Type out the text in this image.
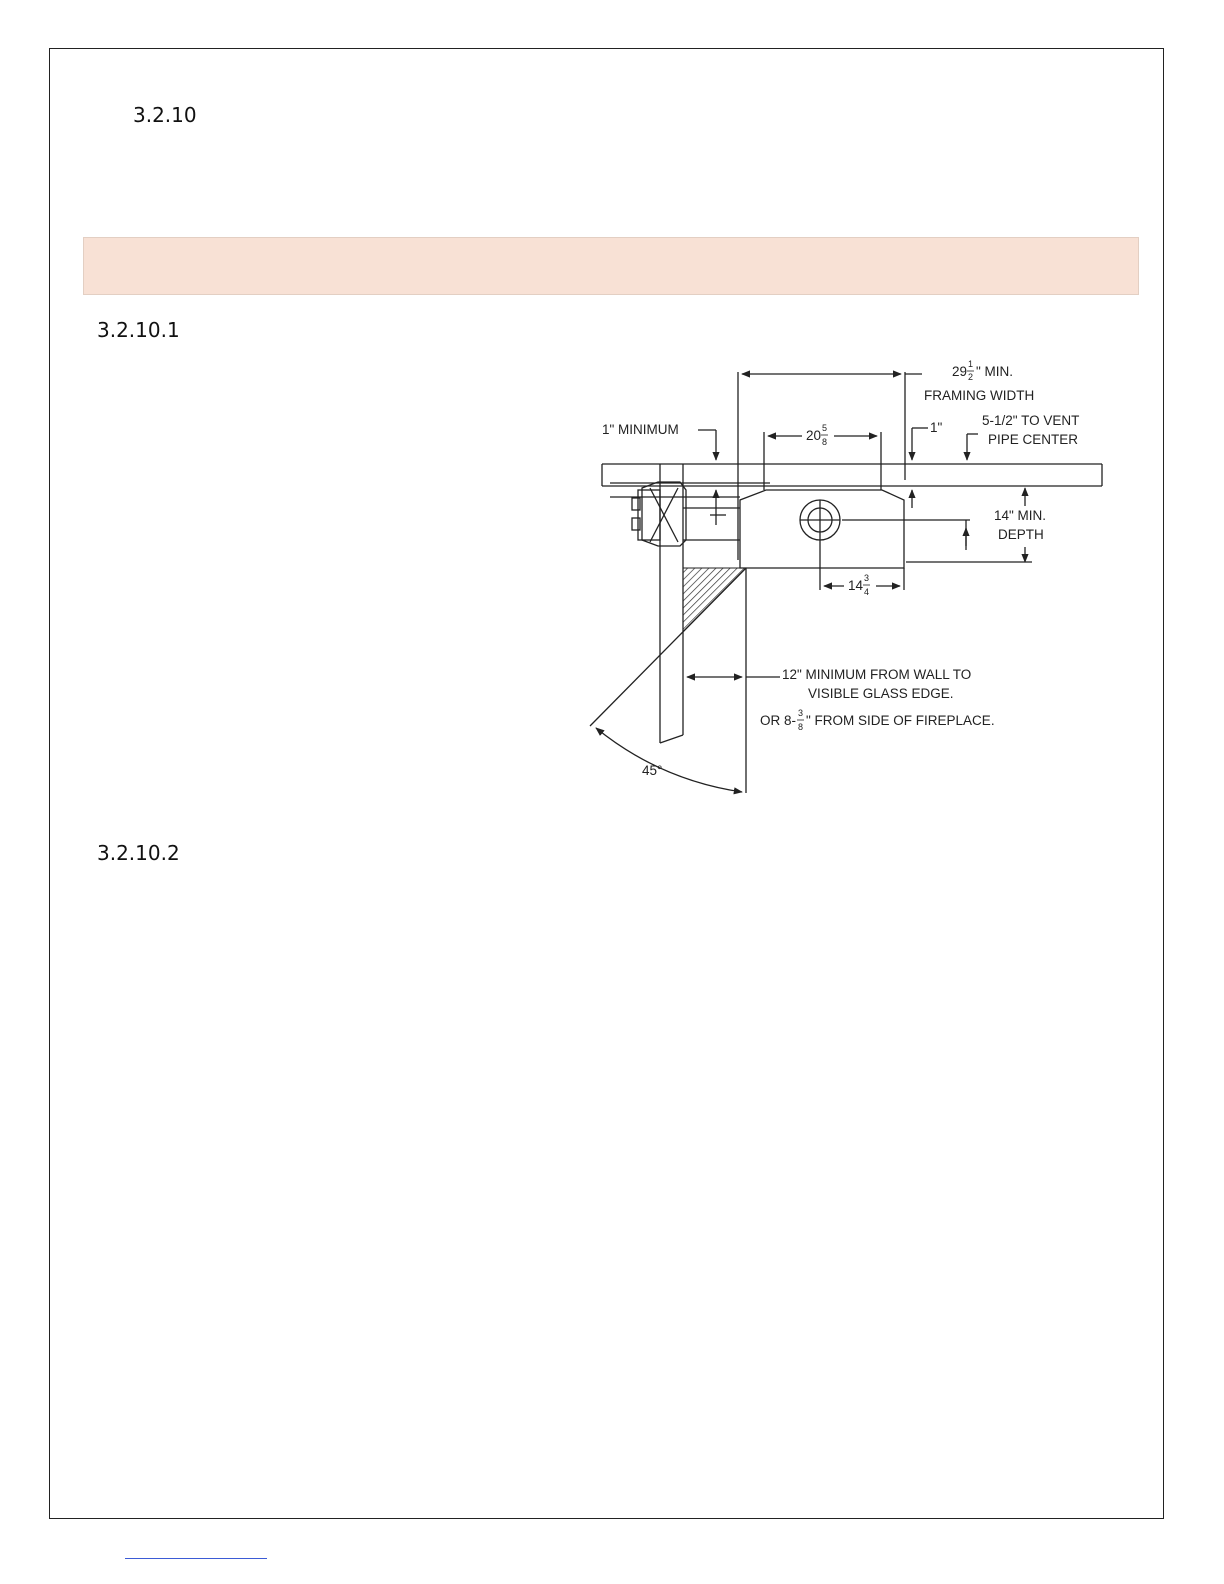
3.2.10
3.2.10.1
29 1
2 " MIN.
FRAMING WIDTH
1" MINIMUM	20 5
8
1"	5-1/2" TO VENT
PIPE CENTER
14" MIN.
DEPTH
14 3
4
12" MINIMUM FROM WALL TO
VISIBLE GLASS EDGE.
OR 8- 3
8 " FROM SIDE OF FIREPLACE.
45°
3.2.10.2
